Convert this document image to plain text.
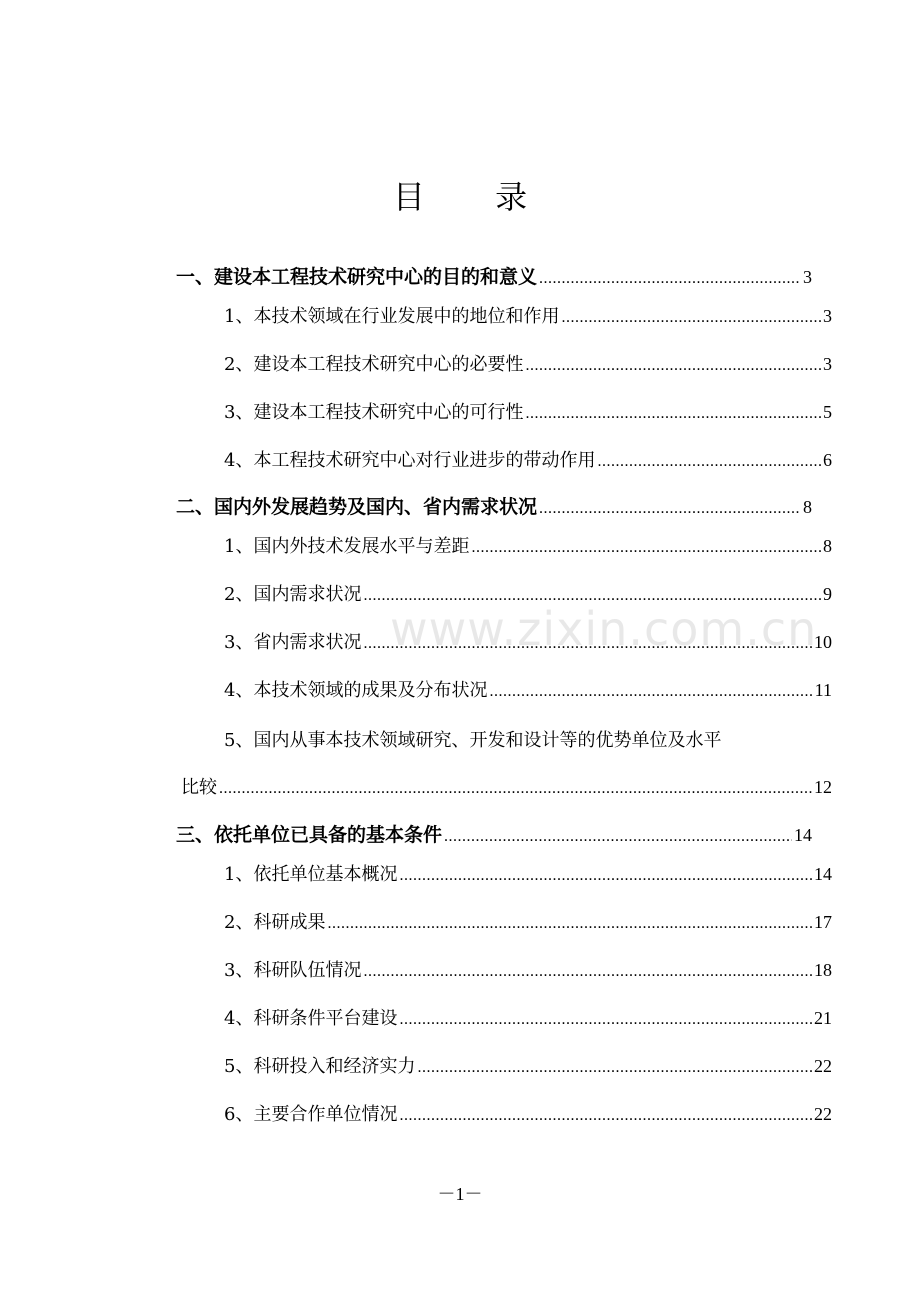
目 录
www.zixin.com.cn
一、建设本工程技术研究中心的目的和意义 .....	3
1、本技术领域在行业发展中的地位和作用 .....	3
2、建设本工程技术研究中心的必要性 .....	3
3、建设本工程技术研究中心的可行性 .....	5
4、本工程技术研究中心对行业进步的带动作用 .....	6
二、国内外发展趋势及国内、省内需求状况 .....	8
1、国内外技术发展水平与差距 .....	8
2、国内需求状况 .....	9
3、省内需求状况 .....	10
4、本技术领域的成果及分布状况 .....	11
5、国内从事本技术领域研究、开发和设计等的优势单位及水平
比较 .....	12
三、依托单位已具备的基本条件 .....	14
1、依托单位基本概况 .....	14
2、科研成果 .....	17
3、科研队伍情况 .....	18
4、科研条件平台建设 .....	21
5、科研投入和经济实力 .....	22
6、主要合作单位情况 .....	22
－1－
